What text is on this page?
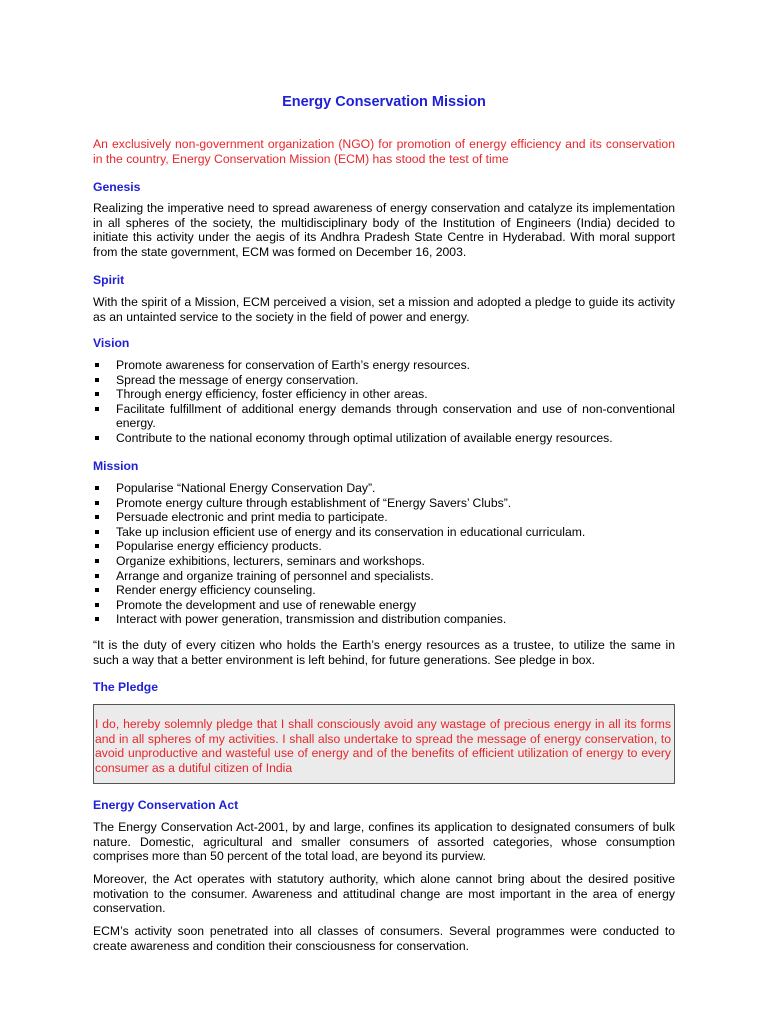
Energy Conservation Mission

An exclusively non-government organization (NGO) for promotion of energy efficiency and its conservation in the country, Energy Conservation Mission (ECM) has stood the test of time

Genesis

Realizing the imperative need to spread awareness of energy conservation and catalyze its implementation in all spheres of the society, the multidisciplinary body of the Institution of Engineers (India) decided to initiate this activity under the aegis of its Andhra Pradesh State Centre in Hyderabad. With moral support from the state government, ECM was formed on December 16, 2003.

Spirit

With the spirit of a Mission, ECM perceived a vision, set a mission and adopted a pledge to guide its activity as an untainted service to the society in the field of power and energy.

Vision
Promote awareness for conservation of Earth’s energy resources.
Spread the message of energy conservation.
Through energy efficiency, foster efficiency in other areas.
Facilitate fulfillment of additional energy demands through conservation and use of non-conventional energy.
Contribute to the national economy through optimal utilization of available energy resources.
Mission
Popularise “National Energy Conservation Day”.
Promote energy culture through establishment of “Energy Savers’ Clubs”.
Persuade electronic and print media to participate.
Take up inclusion efficient use of energy and its conservation in educational curriculam.
Popularise energy efficiency products.
Organize exhibitions, lecturers, seminars and workshops.
Arrange and organize training of personnel and specialists.
Render energy efficiency counseling.
Promote the development and use of renewable energy
Interact with power generation, transmission and distribution companies.

“It is the duty of every citizen who holds the Earth’s energy resources as a trustee, to utilize the same in such a way that a better environment is left behind, for future generations. See pledge in box.

The Pledge

I do, hereby solemnly pledge that I shall consciously avoid any wastage of precious energy in all its forms and in all spheres of my activities. I shall also undertake to spread the message of energy conservation, to avoid unproductive and wasteful use of energy and of the benefits of efficient utilization of energy to every consumer as a dutiful citizen of India

Energy Conservation Act

The Energy Conservation Act-2001, by and large, confines its application to designated consumers of bulk nature. Domestic, agricultural and smaller consumers of assorted categories, whose consumption comprises more than 50 percent of the total load, are beyond its purview.

Moreover, the Act operates with statutory authority, which alone cannot bring about the desired positive motivation to the consumer. Awareness and attitudinal change are most important in the area of energy conservation.

ECM’s activity soon penetrated into all classes of consumers. Several programmes were conducted to create awareness and condition their consciousness for conservation.
